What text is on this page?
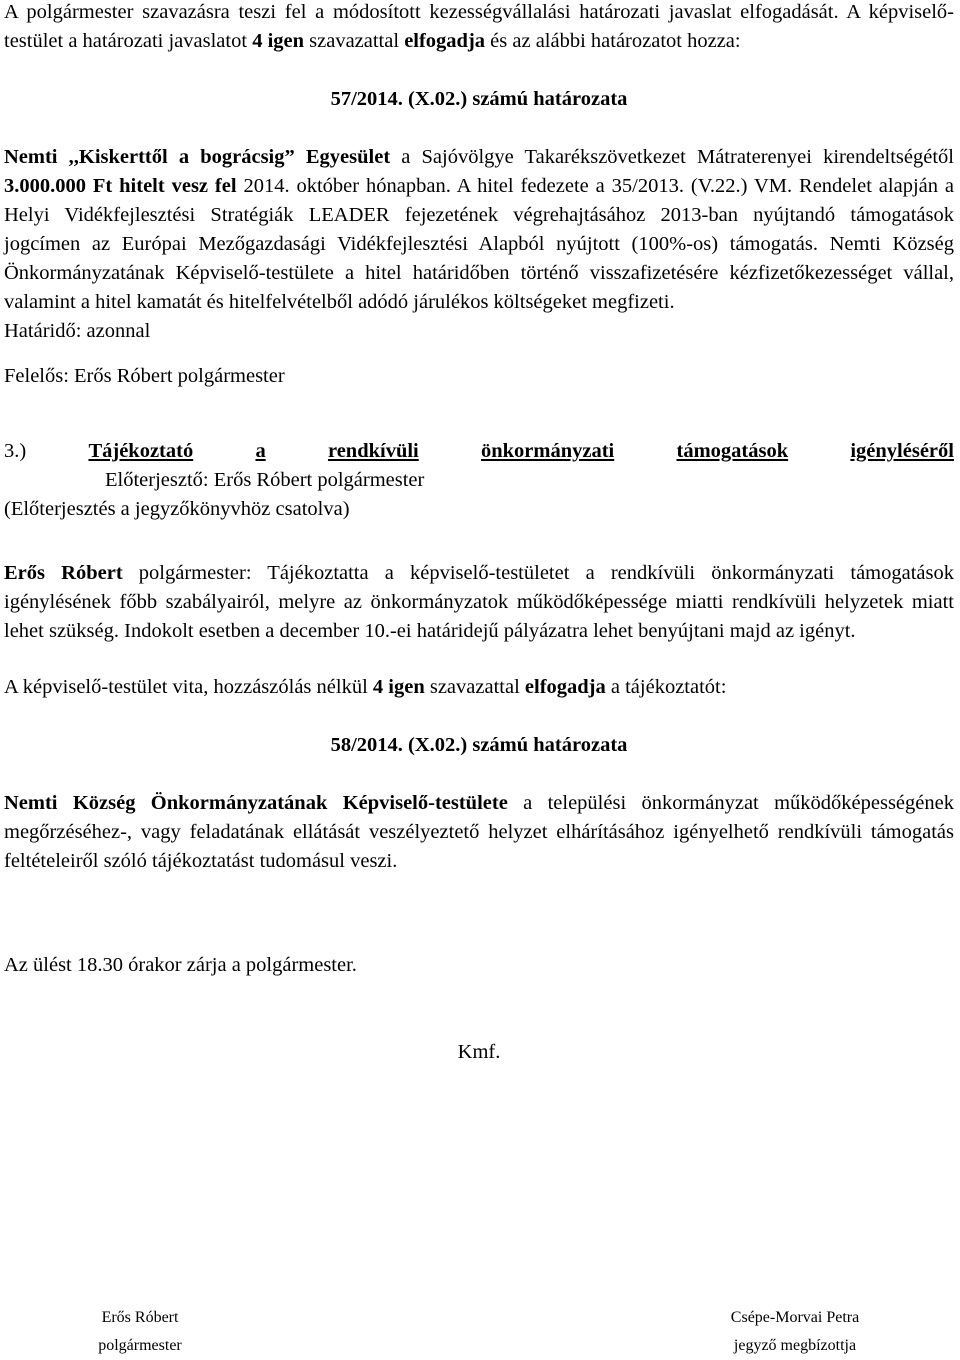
A polgármester szavazásra teszi fel a módosított kezességvállalási határozati javaslat elfogadását. A képviselő-testület a határozati javaslatot 4 igen szavazattal elfogadja és az alábbi határozatot hozza:

57/2014. (X.02.) számú határozata

Nemti ,,Kiskerttől a bográcsig” Egyesület a Sajóvölgye Takarékszövetkezet Mátraterenyei kirendeltségétől 3.000.000 Ft hitelt vesz fel 2014. október hónapban. A hitel fedezete a 35/2013. (V.22.) VM. Rendelet alapján a Helyi Vidékfejlesztési Stratégiák LEADER fejezetének végrehajtásához 2013-ban nyújtandó támogatások jogcímen az Európai Mezőgazdasági Vidékfejlesztési Alapból nyújtott (100%-os) támogatás. Nemti Község Önkormányzatának Képviselő-testülete a hitel határidőben történő visszafizetésére kézfizetőkezességet vállal, valamint a hitel kamatát és hitelfelvételből adódó járulékos költségeket megfizeti.

Határidő: azonnal

Felelős: Erős Róbert polgármester

3.)	Tájékoztató	a	rendkívüli	önkormányzati	támogatások	igényléséről

Előterjesztő: Erős Róbert polgármester

(Előterjesztés a jegyzőkönyvhöz csatolva)

Erős Róbert polgármester: Tájékoztatta a képviselő-testületet a rendkívüli önkormányzati támogatások igénylésének főbb szabályairól, melyre az önkormányzatok működőképessége miatti rendkívüli helyzetek miatt lehet szükség. Indokolt esetben a december 10.-ei határidejű pályázatra lehet benyújtani majd az igényt.

A képviselő-testület vita, hozzászólás nélkül 4 igen szavazattal elfogadja a tájékoztatót:

58/2014. (X.02.) számú határozata

Nemti Község Önkormányzatának Képviselő-testülete a települési önkormányzat működőképességének megőrzéséhez-, vagy feladatának ellátását veszélyeztető helyzet elhárításához igényelhető rendkívüli támogatás feltételeiről szóló tájékoztatást tudomásul veszi.

Az ülést 18.30 órakor zárja a polgármester.

Kmf.

Erős Róbert
polgármester
Csépe-Morvai Petra
jegyző megbízottja
